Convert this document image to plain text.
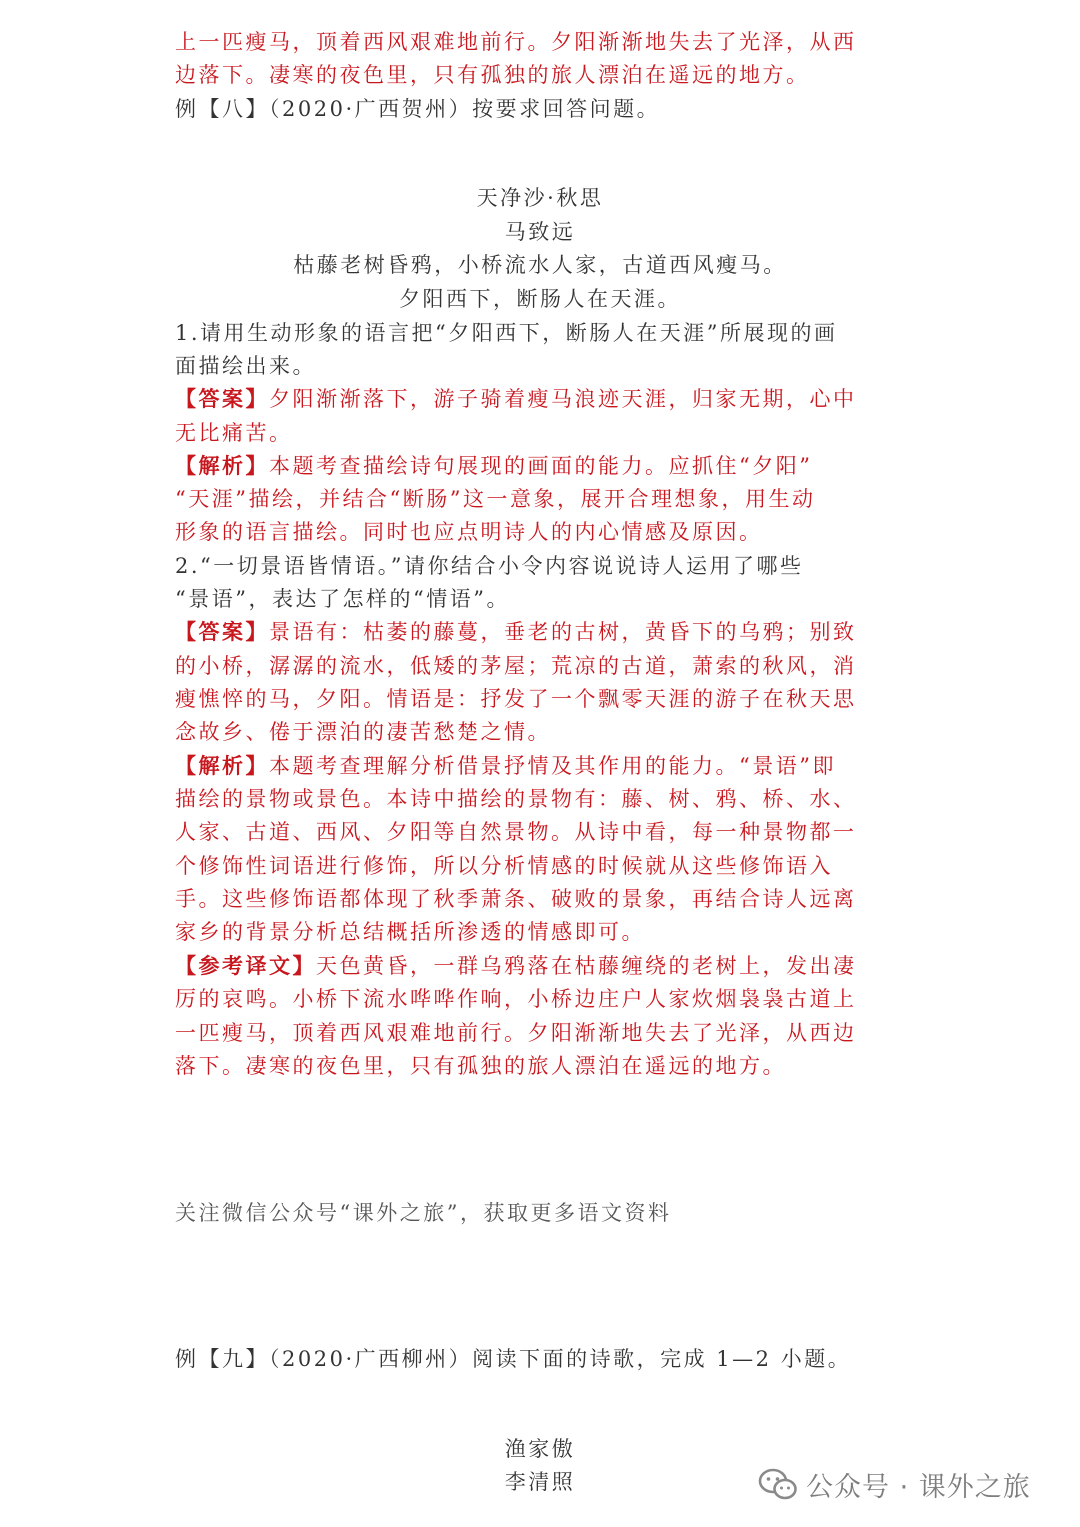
上一匹瘦马，顶着西风艰难地前行。夕阳渐渐地失去了光泽，从西
边落下。凄寒的夜色里，只有孤独的旅人漂泊在遥远的地方。
例【八】（2020·广西贺州）按要求回答问题。
天净沙·秋思
马致远
枯藤老树昏鸦，小桥流水人家，古道西风瘦马。
夕阳西下，断肠人在天涯。
1.请用生动形象的语言把“夕阳西下，断肠人在天涯”所展现的画
面描绘出来。
【答案】夕阳渐渐落下，游子骑着瘦马浪迹天涯，归家无期，心中
无比痛苦。
【解析】本题考查描绘诗句展现的画面的能力。应抓住“夕阳”
“天涯”描绘，并结合“断肠”这一意象，展开合理想象，用生动
形象的语言描绘。同时也应点明诗人的内心情感及原因。
2.“一切景语皆情语。”请你结合小令内容说说诗人运用了哪些
“景语”，表达了怎样的“情语”。
【答案】景语有：枯萎的藤蔓，垂老的古树，黄昏下的乌鸦；别致
的小桥，潺潺的流水，低矮的茅屋；荒凉的古道，萧索的秋风，消
瘦憔悴的马，夕阳。情语是：抒发了一个飘零天涯的游子在秋天思
念故乡、倦于漂泊的凄苦愁楚之情。
【解析】本题考查理解分析借景抒情及其作用的能力。“景语”即
描绘的景物或景色。本诗中描绘的景物有：藤、树、鸦、桥、水、
人家、古道、西风、夕阳等自然景物。从诗中看，每一种景物都一
个修饰性词语进行修饰，所以分析情感的时候就从这些修饰语入
手。这些修饰语都体现了秋季萧条、破败的景象，再结合诗人远离
家乡的背景分析总结概括所渗透的情感即可。
【参考译文】天色黄昏，一群乌鸦落在枯藤缠绕的老树上，发出凄
厉的哀鸣。小桥下流水哗哗作响，小桥边庄户人家炊烟袅袅古道上
一匹瘦马，顶着西风艰难地前行。夕阳渐渐地失去了光泽，从西边
落下。凄寒的夜色里，只有孤独的旅人漂泊在遥远的地方。
关注微信公众号“课外之旅”，获取更多语文资料
例【九】（2020·广西柳州）阅读下面的诗歌，完成 1—2 小题。
渔家傲
李清照	公众号 · 课外之旅
